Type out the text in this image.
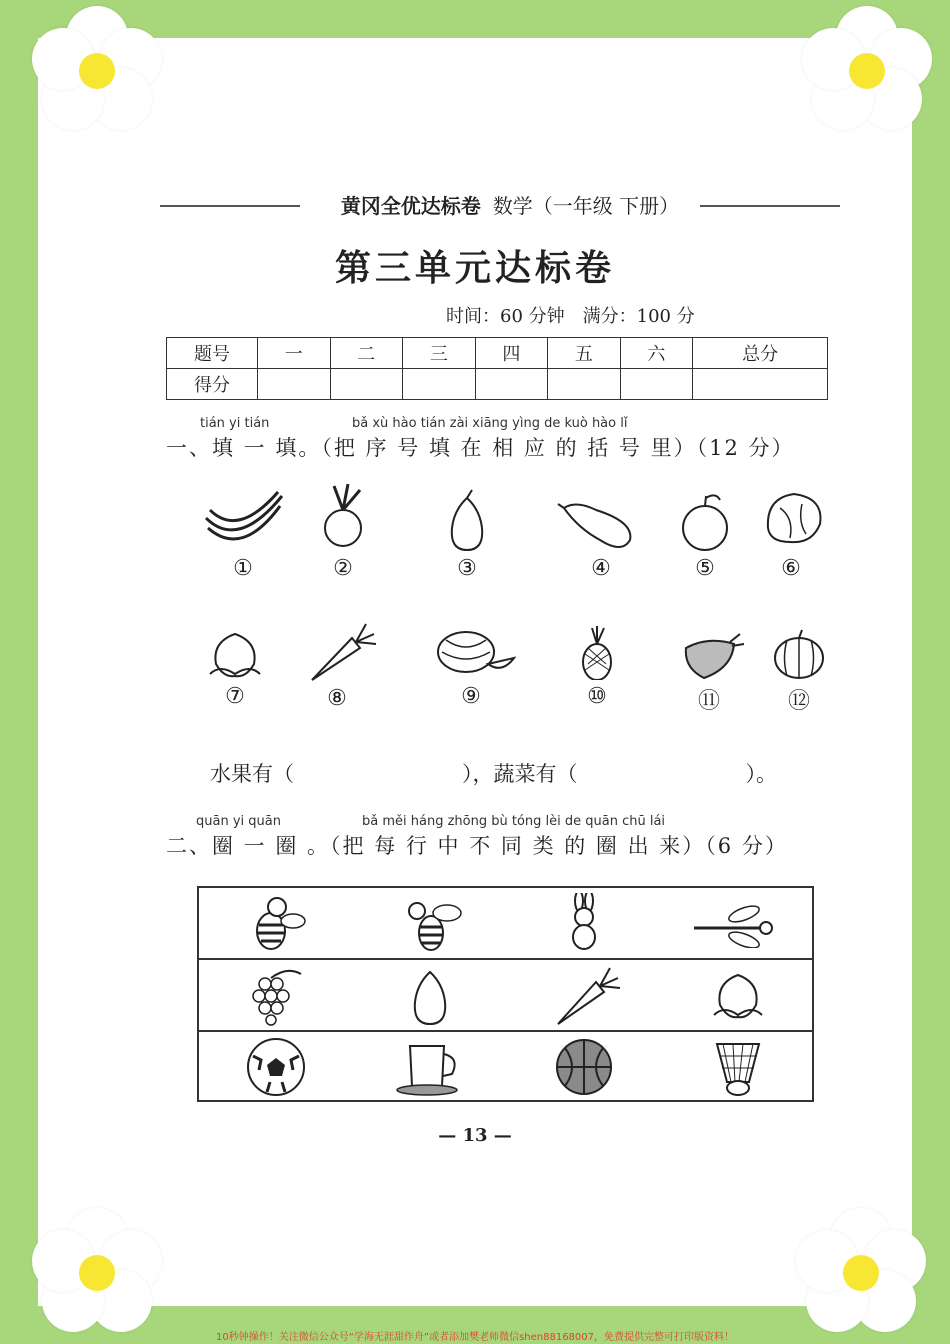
黄冈全优达标卷 数学（一年级 下册）
第三单元达标卷
时间：60 分钟　满分：100 分
题号	一	二	三	四	五	六	总分
得分							
tián yi tián	bǎ xù hào tián zài xiāng yìng de kuò hào lǐ
一、填 一 填。（把 序 号 填 在 相 应 的 括 号 里）（12 分）
①	②	③	④	⑤	⑥
⑦	⑧	⑨	⑩	⑪	⑫
水果有（　　　　　　　　），蔬菜有（　　　　　　　　）。
quān yi quān	bǎ měi háng zhōng bù tóng lèi de quān chū lái
二、圈 一 圈 。（把 每 行 中 不 同 类 的 圈 出 来）（6 分）
— 13 —
10秒钟操作！关注微信公众号“学海无涯甜作舟”或者添加樊老师微信shen88168007，免费提供完整可打印版资料！
